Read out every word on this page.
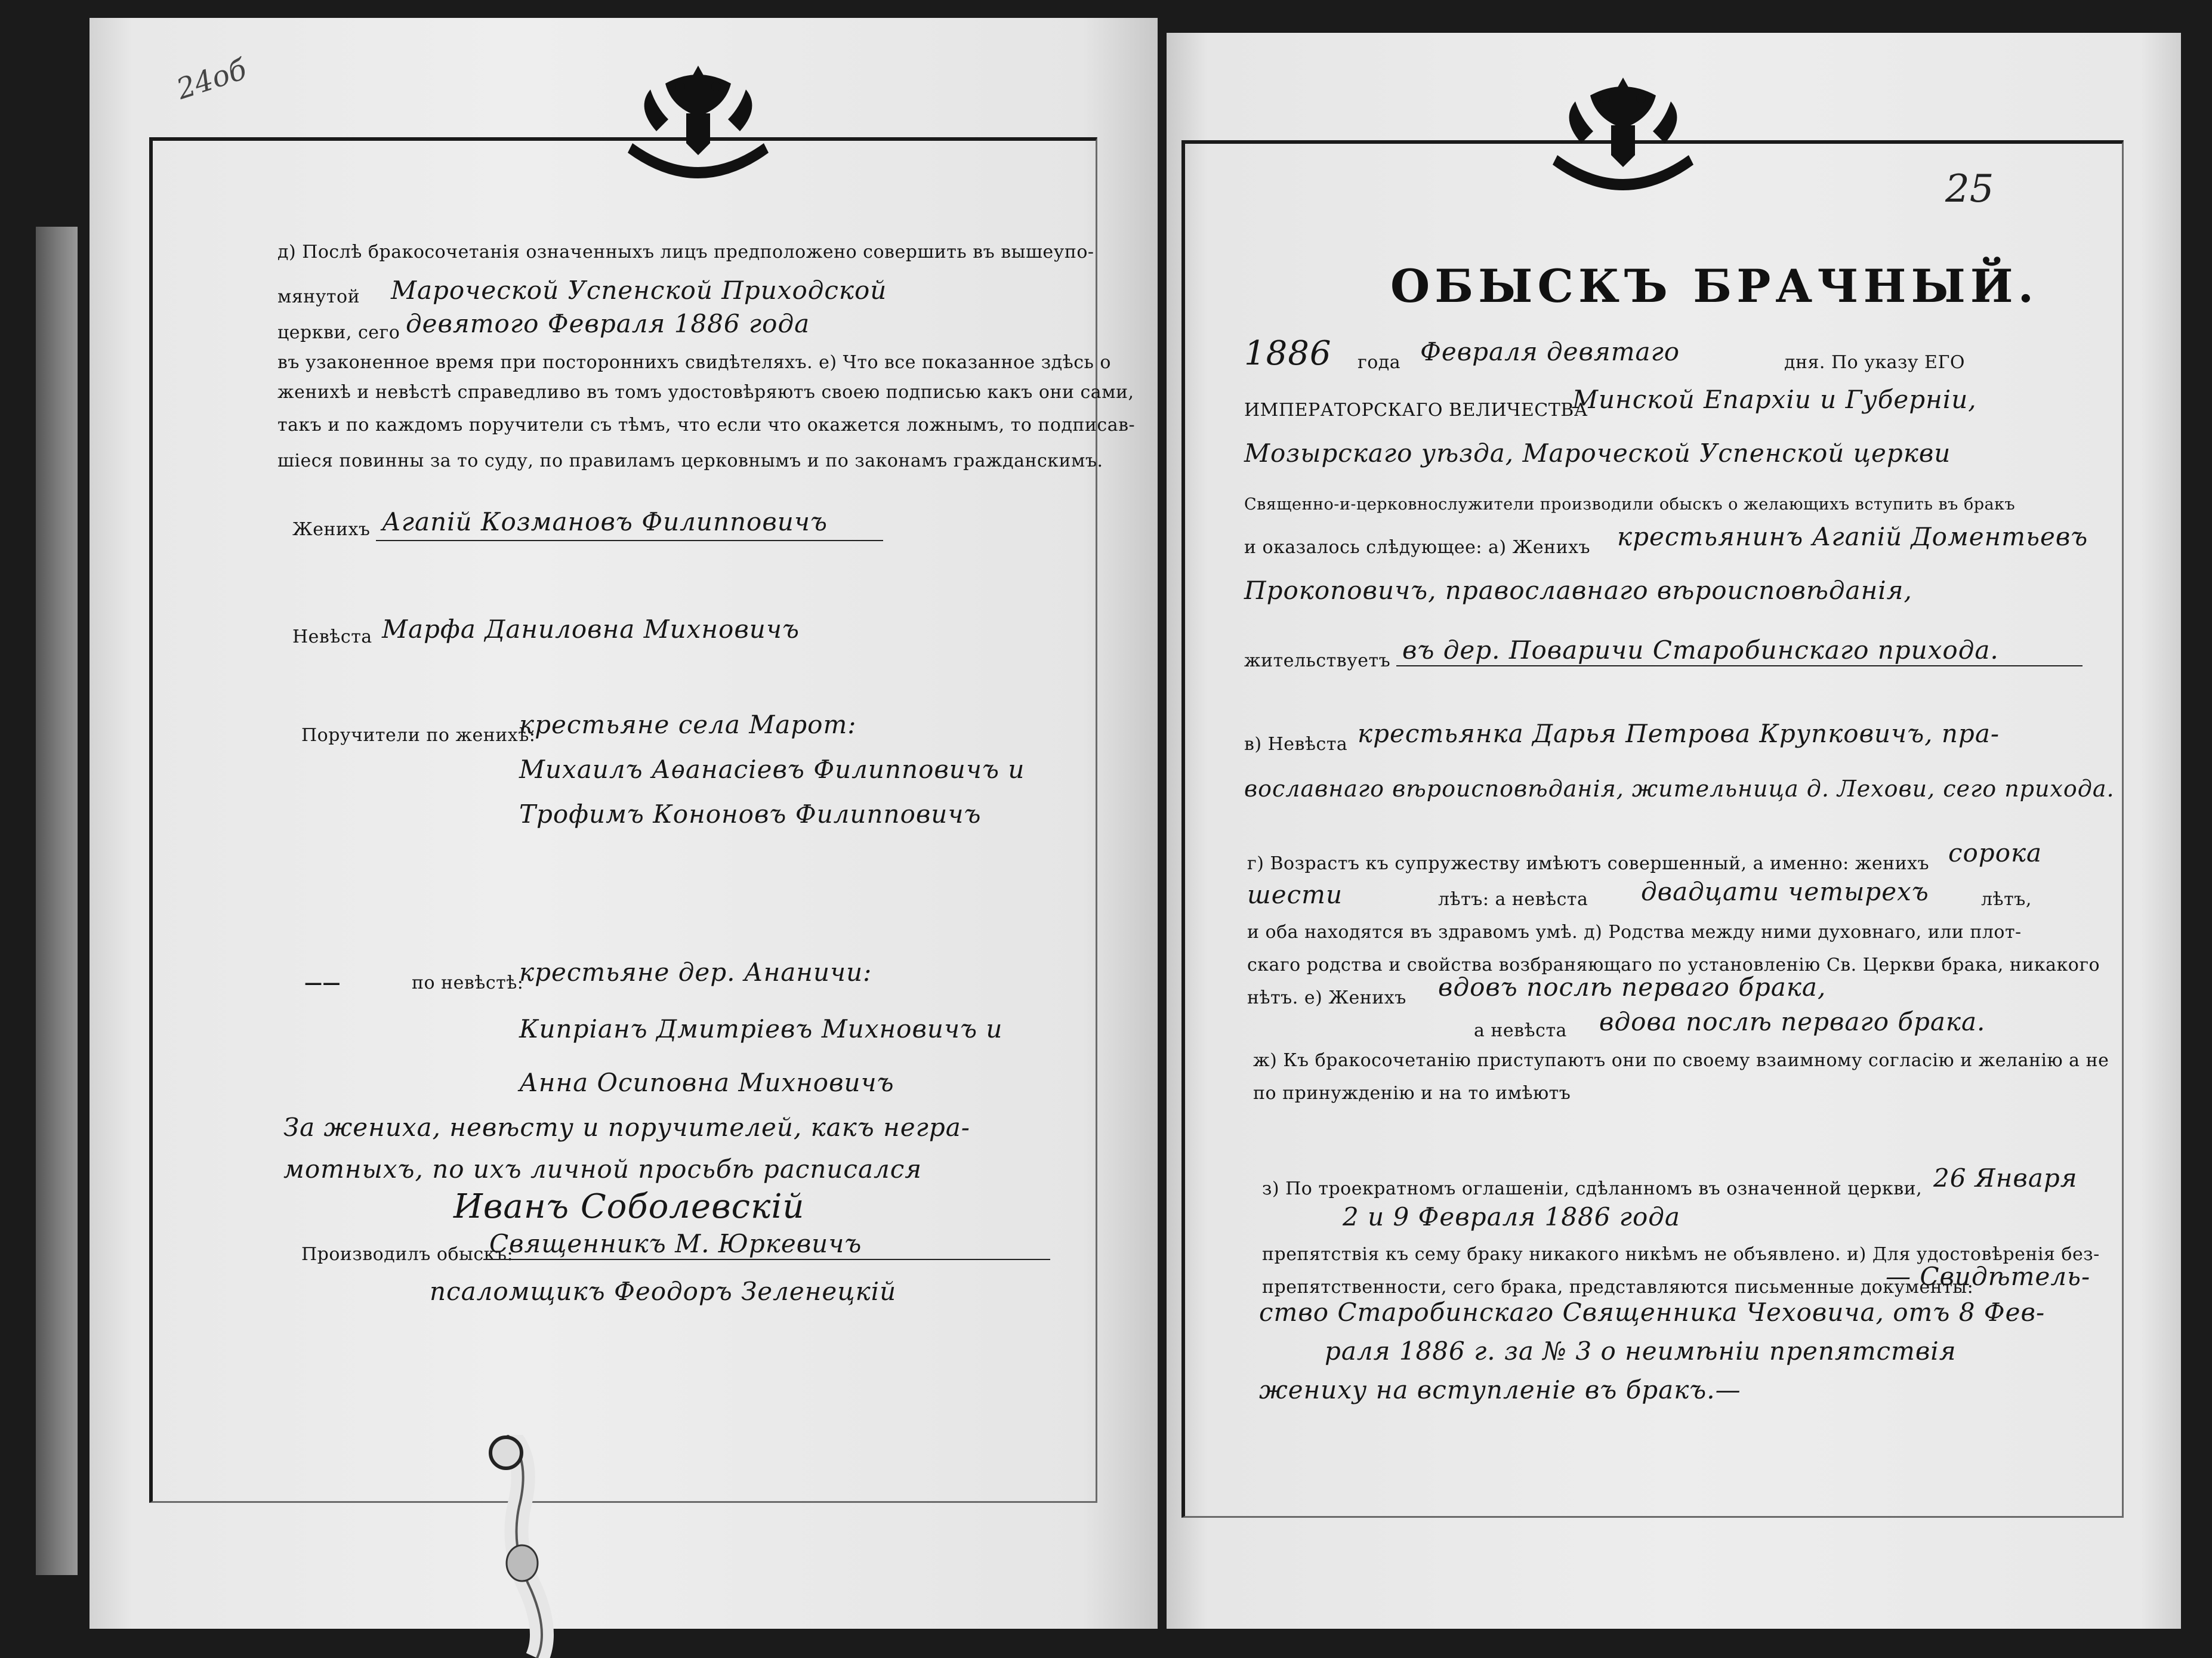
24об
д) Послѣ бракосочетанія означенныхъ лицъ предположено совершить въ вышеупо-
мянутой Мароческой Успенской Приходской
церкви, сего девятого Февраля 1886 года
въ узаконенное время при постороннихъ свидѣтеляхъ. е) Что все показанное здѣсь о
женихѣ и невѣстѣ справедливо въ томъ удостовѣряютъ своею подписью какъ они сами,
такъ и по каждомъ поручители съ тѣмъ, что если что окажется ложнымъ, то подписав-
шіеся повинны за то суду, по правиламъ церковнымъ и по законамъ гражданскимъ.
Женихъ Агапій Козмановъ Филипповичъ
Невѣста Марфа Даниловна Михновичъ
Поручители по женихѣ:
крестьяне села Марот:
Михаилъ Аѳанасіевъ Филипповичъ и
Трофимъ Кононовъ Филипповичъ
——	по невѣстѣ:
крестьяне дер. Ананичи:
Кипріанъ Дмитріевъ Михновичъ и
Анна Осиповна Михновичъ
За жениха, невѣсту и поручителей, какъ негра-
мотныхъ, по ихъ личной просьбѣ расписался
Иванъ Соболевскій
Производилъ обыскъ:
Священникъ М. Юркевичъ
псаломщикъ Феодоръ Зеленецкій
25
ОБЫСКЪ БРАЧНЫЙ.
1886 года Февраля девятаго	дня. По указу ЕГО
ИМПЕРАТОРСКАГО ВЕЛИЧЕСТВА
Минской Епархіи и Губерніи,
Мозырскаго уѣзда, Мароческой Успенской церкви
Священно-и-церковнослужители производили обыскъ о желающихъ вступить въ бракъ
и оказалось слѣдующее: а) Женихъ крестьянинъ Агапій Доментьевъ
Прокоповичъ, православнаго вѣроисповѣданія,
жительствуетъ въ дер. Поваричи Старобинскаго прихода.
в) Невѣста крестьянка Дарья Петрова Крупковичъ, пра-
вославнаго вѣроисповѣданія, жительница д. Лехови, сего прихода.
г) Возрастъ къ супружеству имѣютъ совершенный, а именно: женихъ сорока
шести	лѣтъ: а невѣста двадцати четырехъ	лѣтъ,
и оба находятся въ здравомъ умѣ. д) Родства между ними духовнаго, или плот-
скаго родства и свойства возбраняющаго по установленію Св. Церкви брака, никакого
нѣтъ. е) Женихъ вдовъ послѣ перваго брака,
а невѣста вдова послѣ перваго брака.
ж) Къ бракосочетанію приступаютъ они по своему взаимному согласію и желанію а не
по принужденію и на то имѣютъ
з) По троекратномъ оглашеніи, сдѣланномъ въ означенной церкви, 26 Января
2 и 9 Февраля 1886 года
препятствія къ сему браку никакого никѣмъ не объявлено. и) Для удостовѣренія без-
препятственности, сего брака, представляются письменные документы:
— Свидѣтель-
ство Старобинскаго Священника Чеховича, отъ 8 Фев-
раля 1886 г. за № 3 о неимѣніи препятствія
жениху на вступленіе въ бракъ.—
